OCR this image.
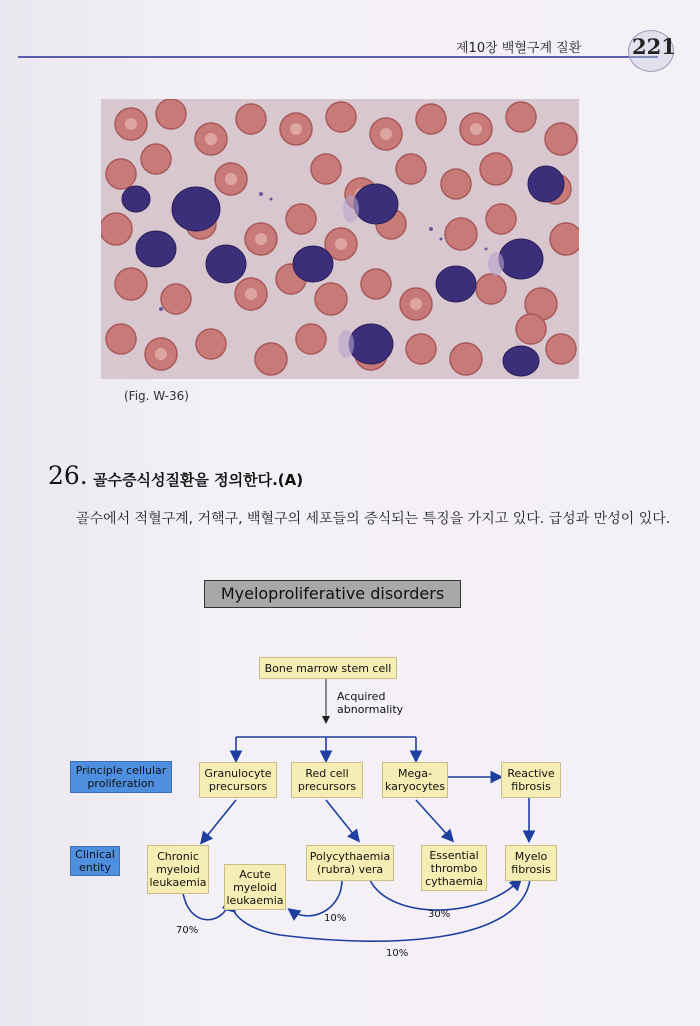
제10장 백혈구계 질환 221
(Fig. W-36)
26. 골수증식성질환을 정의한다.(A)
골수에서 적혈구계, 거핵구, 백혈구의 세포들의 증식되는 특징을 가지고 있다. 급성과 만성이 있다.
Myeloproliferative disorders
Bone marrow stem cell
Acquired abnormality
Principle cellular proliferation
Clinical entity
Granulocyte precursors
Red cell precursors
Mega-karyocytes
Reactive fibrosis
Chronic myeloid leukaemia
Acute myeloid leukaemia
Polycythaemia (rubra) vera
Essential thrombo cythaemia
Myelo fibrosis
70%
10%	30%
10%
